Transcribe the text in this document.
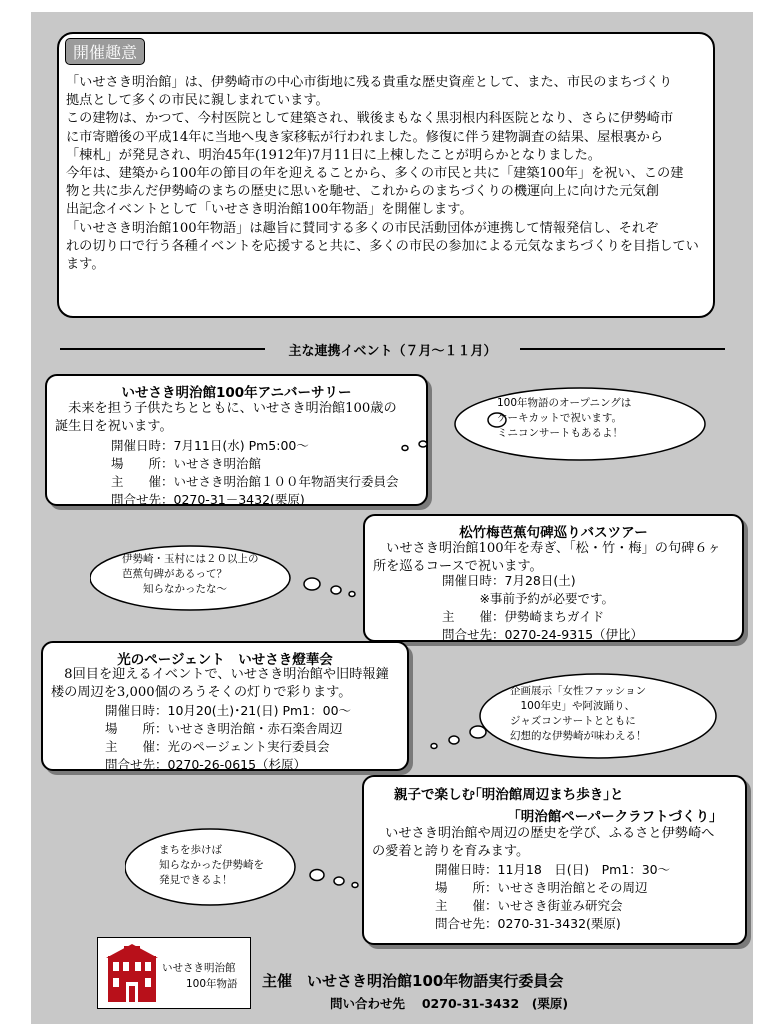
開催趣意

「いせさき明治館」は、伊勢崎市の中心市街地に残る貴重な歴史資産として、また、市民のまちづくり

拠点として多くの市民に親しまれています。

この建物は、かつて、今村医院として建築され、戦後まもなく黒羽根内科医院となり、さらに伊勢崎市

に市寄贈後の平成14年に当地へ曳き家移転が行われました。修復に伴う建物調査の結果、屋根裏から

「棟札」が発見され、明治45年(1912年)7月11日に上棟したことが明らかとなりました。

今年は、建築から100年の節目の年を迎えることから、多くの市民と共に「建築100年」を祝い、この建

物と共に歩んだ伊勢崎のまちの歴史に思いを馳せ、これからのまちづくりの機運向上に向けた元気創

出記念イベントとして「いせさき明治館100年物語」を開催します。

「いせさき明治館100年物語」は趣旨に賛同する多くの市民活動団体が連携して情報発信し、それぞ

れの切り口で行う各種イベントを応援すると共に、多くの市民の参加による元気なまちづくりを目指してい

ます。

主な連携イベント（７月～１１月）
いせさき明治館100年アニバーサリー

　未来を担う子供たちとともに、いせさき明治館100歳の

誕生日を祝います。

開催日時：7月11日(水) Pm5:00～
場　　所：いせさき明治館
主　　催：いせさき明治館１００年物語実行委員会
問合せ先：0270-31－3432(栗原)
松竹梅芭蕉句碑巡りバスツアー

　いせさき明治館100年を寿ぎ、「松・竹・梅」の句碑６ヶ

所を巡るコースで祝います。

開催日時：7月28日(土)
　　　※事前予約が必要です。
主　　催：伊勢崎まちガイド
問合せ先：0270-24-9315（伊比）
光のページェント　いせさき燈華会

　8回目を迎えるイベントで、いせさき明治館や旧時報鐘

楼の周辺を3,000個のろうそくの灯りで彩ります。

開催日時：10月20(土)･21(日) Pm1：00～
場　　所：いせさき明治館・赤石楽舎周辺
主　　催：光のページェント実行委員会
問合せ先：0270-26-0615（杉原）
親子で楽しむ｢明治館周辺まち歩き｣と
｢明治館ペーパークラフトづくり｣

　いせさき明治館や周辺の歴史を学び、ふるさと伊勢崎へ

の愛着と誇りを育みます。

開催日時：11月18　日(日)　Pm1：30～
場　　所：いせさき明治館とその周辺
主　　催：いせさき街並み研究会
問合せ先：0270-31-3432(栗原)
100年物語のオープニングは
ケーキカットで祝います。
ミニコンサートもあるよ！
伊勢崎・玉村には２０以上の
芭蕉句碑があるって？
　　知らなかったな～
企画展示「女性ファッション
　100年史」や阿波踊り、
ジャズコンサートとともに
幻想的な伊勢崎が味わえる！
まちを歩けば
知らなかった伊勢崎を
発見できるよ！
いせさき明治館
100年物語 主催　いせさき明治館100年物語実行委員会
問い合わせ先　 0270-31-3432　(栗原)
